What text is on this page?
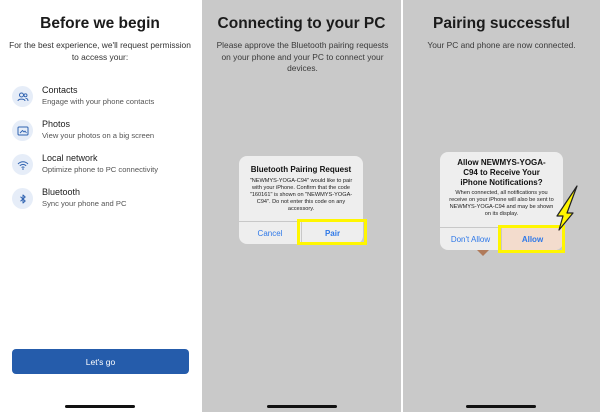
Before we begin
For the best experience, we'll request permission to access your:
Contacts
Engage with your phone contacts
Photos
View your photos on a big screen
Local network
Optimize phone to PC connectivity
Bluetooth
Sync your phone and PC
Let's go
Connecting to your PC
Please approve the Bluetooth pairing requests on your phone and your PC to connect your devices.
Bluetooth Pairing Request
"NEWMYS-YOGA-C94" would like to pair with your iPhone. Confirm that the code "160161" is shown on "NEWMYS-YOGA-C94". Do not enter this code on any accessory.
Cancel	Pair
Pairing successful
Your PC and phone are now connected.
Allow NEWMYS-YOGA-C94 to Receive Your iPhone Notifications?
When connected, all notifications you receive on your iPhone will also be sent to NEWMYS-YOGA-C94 and may be shown on its display.
Don't Allow	Allow
